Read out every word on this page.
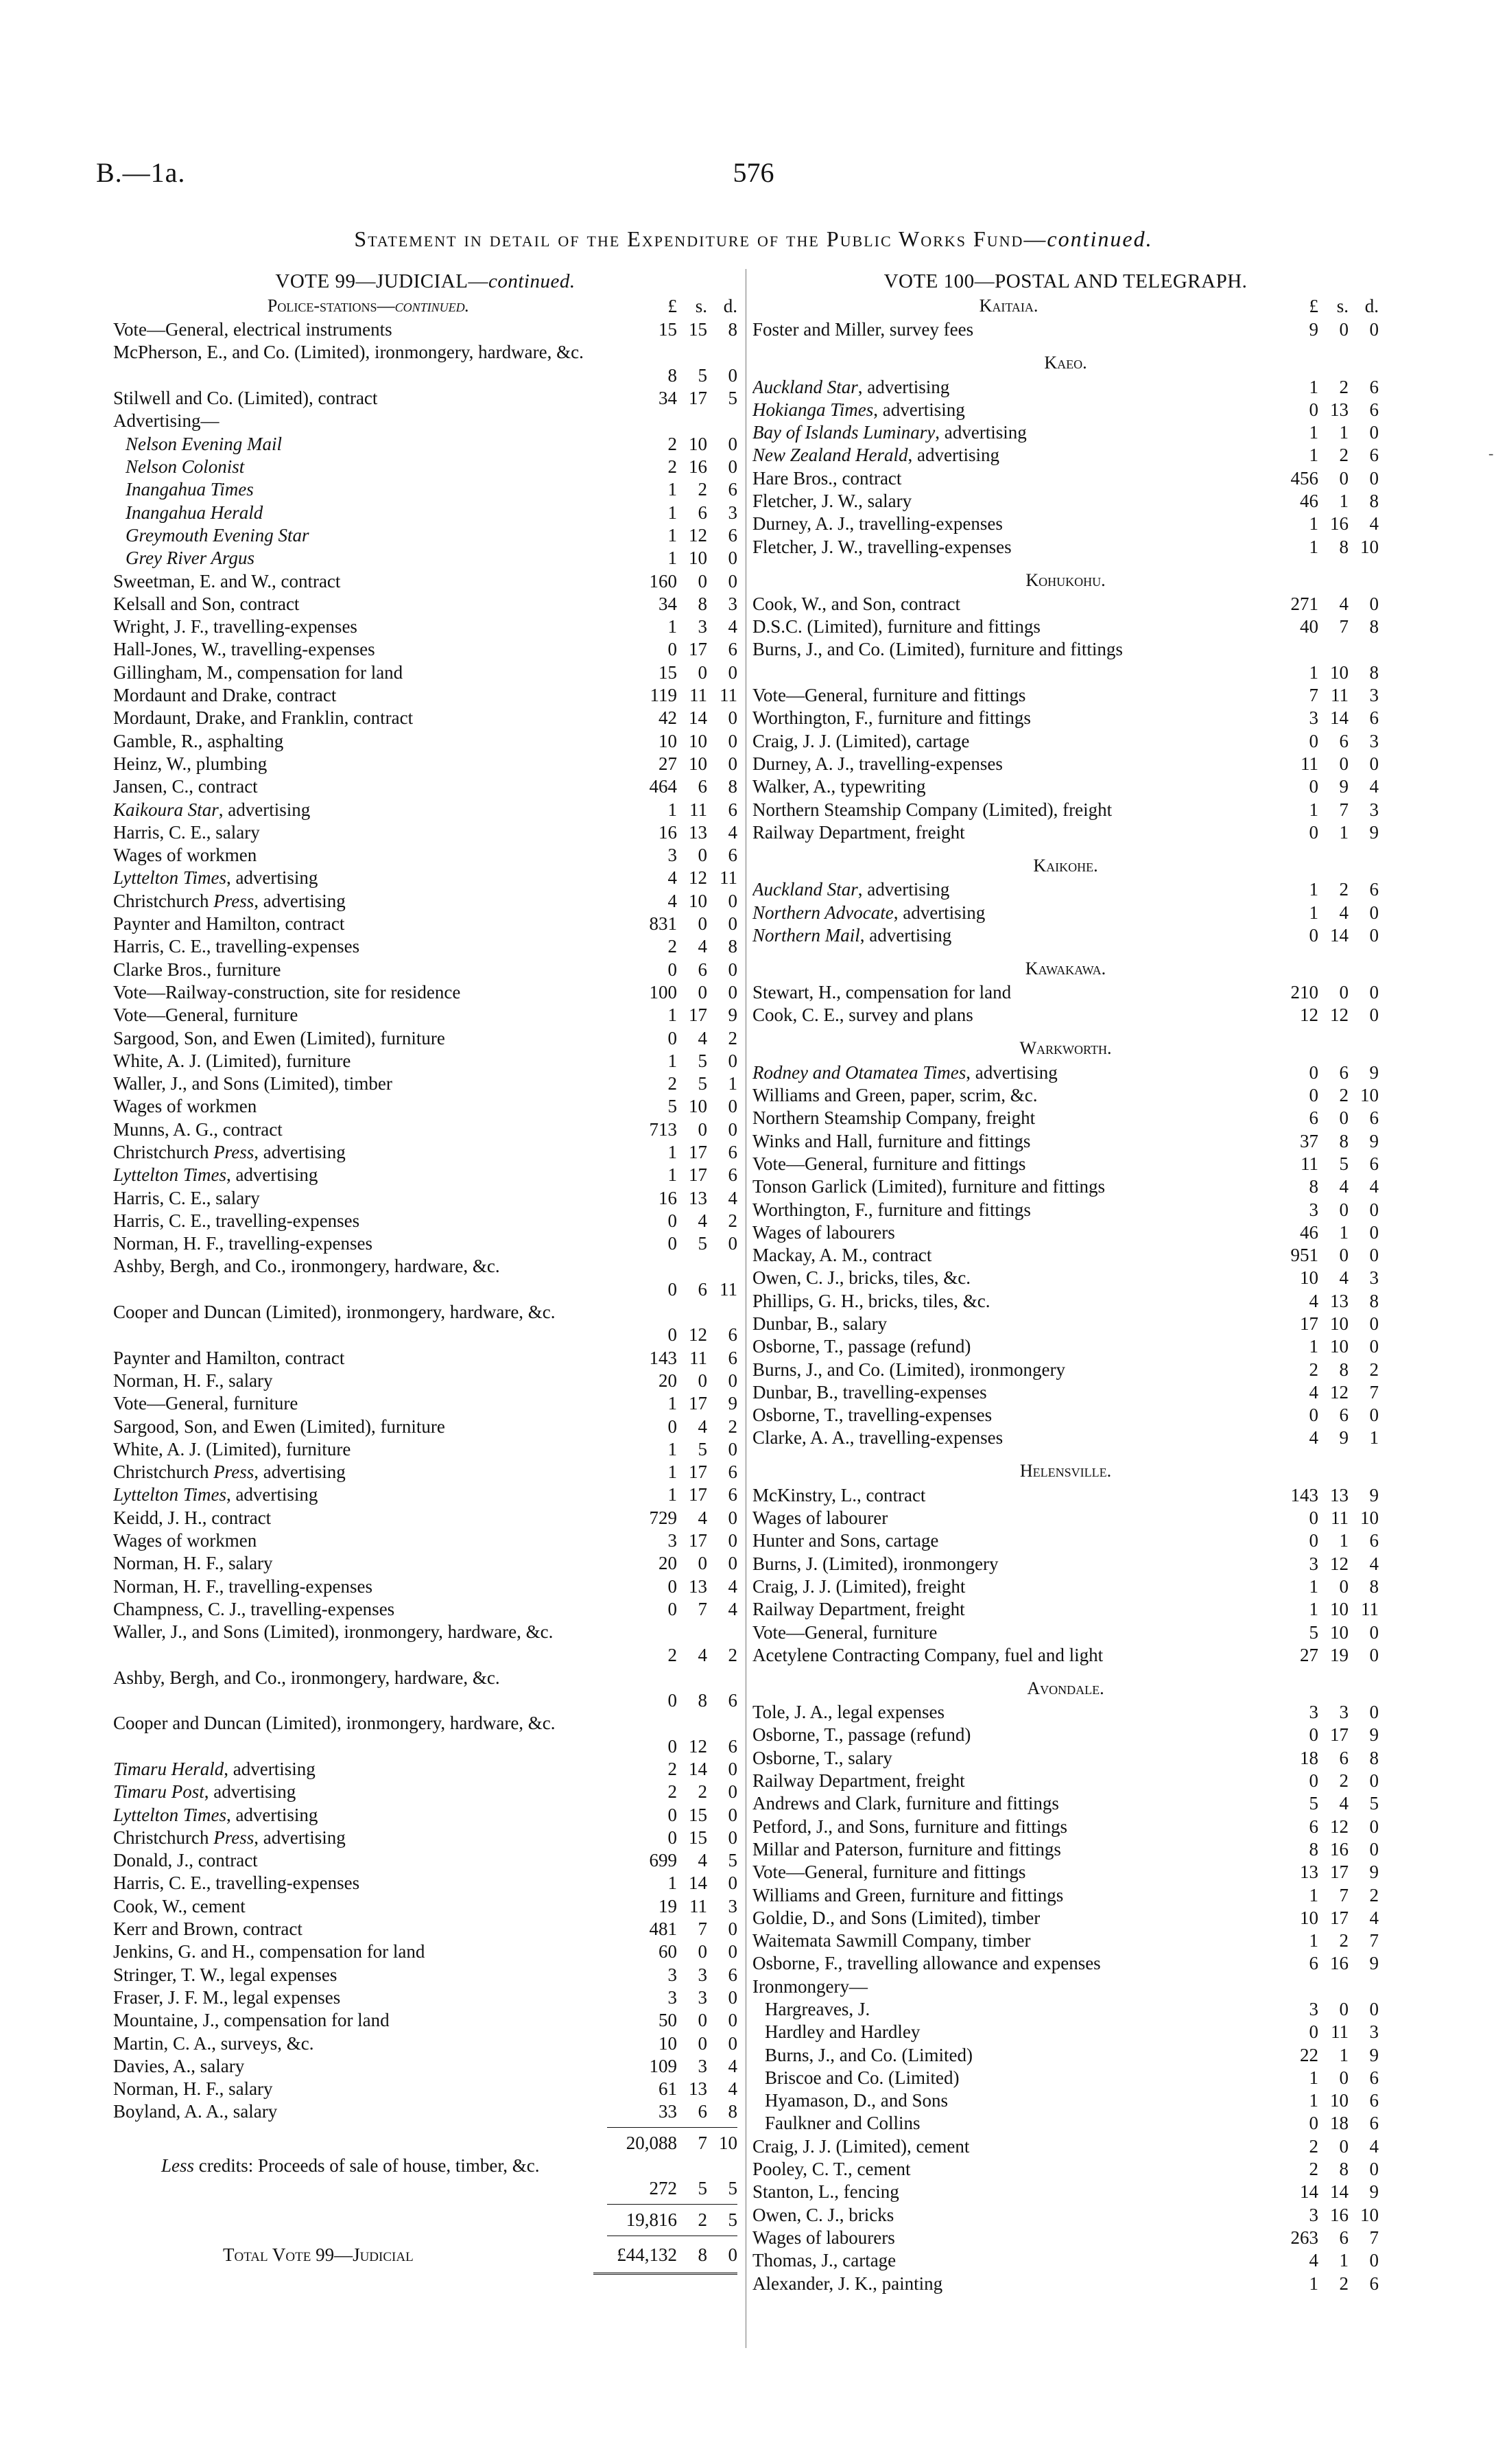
B.—1a.	576
Statement in detail of the Expenditure of the Public Works Fund—continued.
-
VOTE 99—JUDICIAL—continued.
Police-stations—continued.	£ s. d.
Vote—General, electrical instruments	15 15	8
McPherson, E., and Co. (Limited), ironmongery, hardware, &c.
8	5	0
Stilwell and Co. (Limited), contract	34 17	5
Advertising—
Nelson Evening Mail	2 10	0
Nelson Colonist	2 16	0
Inangahua Times	1	2	6
Inangahua Herald	1	6	3
Greymouth Evening Star	1 12	6
Grey River Argus	1 10	0
Sweetman, E. and W., contract	160	0	0
Kelsall and Son, contract	34	8	3
Wright, J. F., travelling-expenses	1	3	4
Hall-Jones, W., travelling-expenses	0 17	6
Gillingham, M., compensation for land	15	0	0
Mordaunt and Drake, contract	119 11 11
Mordaunt, Drake, and Franklin, contract	42 14	0
Gamble, R., asphalting	10 10	0
Heinz, W., plumbing	27 10	0
Jansen, C., contract	464	6	8
Kaikoura Star, advertising	1 11	6
Harris, C. E., salary	16 13	4
Wages of workmen	3	0	6
Lyttelton Times, advertising	4 12 11
Christchurch Press, advertising	4 10	0
Paynter and Hamilton, contract	831	0	0
Harris, C. E., travelling-expenses	2	4	8
Clarke Bros., furniture	0	6	0
Vote—Railway-construction, site for residence	100	0	0
Vote—General, furniture	1 17	9
Sargood, Son, and Ewen (Limited), furniture	0	4	2
White, A. J. (Limited), furniture	1	5	0
Waller, J., and Sons (Limited), timber	2	5	1
Wages of workmen	5 10	0
Munns, A. G., contract	713	0	0
Christchurch Press, advertising	1 17	6
Lyttelton Times, advertising	1 17	6
Harris, C. E., salary	16 13	4
Harris, C. E., travelling-expenses	0	4	2
Norman, H. F., travelling-expenses	0	5	0
Ashby, Bergh, and Co., ironmongery, hardware, &c.
0	6 11
Cooper and Duncan (Limited), ironmongery, hardware, &c.
0 12	6
Paynter and Hamilton, contract	143 11	6
Norman, H. F., salary	20	0	0
Vote—General, furniture	1 17	9
Sargood, Son, and Ewen (Limited), furniture	0	4	2
White, A. J. (Limited), furniture	1	5	0
Christchurch Press, advertising	1 17	6
Lyttelton Times, advertising	1 17	6
Keidd, J. H., contract	729	4	0
Wages of workmen	3 17	0
Norman, H. F., salary	20	0	0
Norman, H. F., travelling-expenses	0 13	4
Champness, C. J., travelling-expenses	0	7	4
Waller, J., and Sons (Limited), ironmongery, hardware, &c.
2	4	2
Ashby, Bergh, and Co., ironmongery, hardware, &c.
0	8	6
Cooper and Duncan (Limited), ironmongery, hardware, &c.
0 12	6
Timaru Herald, advertising	2 14	0
Timaru Post, advertising	2	2	0
Lyttelton Times, advertising	0 15	0
Christchurch Press, advertising	0 15	0
Donald, J., contract	699	4	5
Harris, C. E., travelling-expenses	1 14	0
Cook, W., cement	19 11	3
Kerr and Brown, contract	481	7	0
Jenkins, G. and H., compensation for land	60	0	0
Stringer, T. W., legal expenses	3	3	6
Fraser, J. F. M., legal expenses	3	3	0
Mountaine, J., compensation for land	50	0	0
Martin, C. A., surveys, &c.	10	0	0
Davies, A., salary	109	3	4
Norman, H. F., salary	61 13	4
Boyland, A. A., salary	33	6	8
20,088	7 10
Less credits: Proceeds of sale of house, timber, &c.
272	5	5
19,816	2	5
Total Vote 99—Judicial	£44,132	8	0
VOTE 100—POSTAL AND TELEGRAPH.
Kaitaia.	£ s. d.
Foster and Miller, survey fees	9	0	0
Kaeo.
Auckland Star, advertising	1	2	6
Hokianga Times, advertising	0 13	6
Bay of Islands Luminary, advertising	1	1	0
New Zealand Herald, advertising	1	2	6
Hare Bros., contract	456	0	0
Fletcher, J. W., salary	46	1	8
Durney, A. J., travelling-expenses	1 16	4
Fletcher, J. W., travelling-expenses	1	8 10
Kohukohu.
Cook, W., and Son, contract	271	4	0
D.S.C. (Limited), furniture and fittings	40	7	8
Burns, J., and Co. (Limited), furniture and fittings
1 10	8
Vote—General, furniture and fittings	7 11	3
Worthington, F., furniture and fittings	3 14	6
Craig, J. J. (Limited), cartage	0	6	3
Durney, A. J., travelling-expenses	11	0	0
Walker, A., typewriting	0	9	4
Northern Steamship Company (Limited), freight	1	7	3
Railway Department, freight	0	1	9
Kaikohe.
Auckland Star, advertising	1	2	6
Northern Advocate, advertising	1	4	0
Northern Mail, advertising	0 14	0
Kawakawa.
Stewart, H., compensation for land	210	0	0
Cook, C. E., survey and plans	12 12	0
Warkworth.
Rodney and Otamatea Times, advertising	0	6	9
Williams and Green, paper, scrim, &c.	0	2 10
Northern Steamship Company, freight	6	0	6
Winks and Hall, furniture and fittings	37	8	9
Vote—General, furniture and fittings	11	5	6
Tonson Garlick (Limited), furniture and fittings	8	4	4
Worthington, F., furniture and fittings	3	0	0
Wages of labourers	46	1	0
Mackay, A. M., contract	951	0	0
Owen, C. J., bricks, tiles, &c.	10	4	3
Phillips, G. H., bricks, tiles, &c.	4 13	8
Dunbar, B., salary	17 10	0
Osborne, T., passage (refund)	1 10	0
Burns, J., and Co. (Limited), ironmongery	2	8	2
Dunbar, B., travelling-expenses	4 12	7
Osborne, T., travelling-expenses	0	6	0
Clarke, A. A., travelling-expenses	4	9	1
Helensville.
McKinstry, L., contract	143 13	9
Wages of labourer	0 11 10
Hunter and Sons, cartage	0	1	6
Burns, J. (Limited), ironmongery	3 12	4
Craig, J. J. (Limited), freight	1	0	8
Railway Department, freight	1 10 11
Vote—General, furniture	5 10	0
Acetylene Contracting Company, fuel and light	27 19	0
Avondale.
Tole, J. A., legal expenses	3	3	0
Osborne, T., passage (refund)	0 17	9
Osborne, T., salary	18	6	8
Railway Department, freight	0	2	0
Andrews and Clark, furniture and fittings	5	4	5
Petford, J., and Sons, furniture and fittings	6 12	0
Millar and Paterson, furniture and fittings	8 16	0
Vote—General, furniture and fittings	13 17	9
Williams and Green, furniture and fittings	1	7	2
Goldie, D., and Sons (Limited), timber	10 17	4
Waitemata Sawmill Company, timber	1	2	7
Osborne, F., travelling allowance and expenses	6 16	9
Ironmongery—
Hargreaves, J.	3	0	0
Hardley and Hardley	0 11	3
Burns, J., and Co. (Limited)	22	1	9
Briscoe and Co. (Limited)	1	0	6
Hyamason, D., and Sons	1 10	6
Faulkner and Collins	0 18	6
Craig, J. J. (Limited), cement	2	0	4
Pooley, C. T., cement	2	8	0
Stanton, L., fencing	14 14	9
Owen, C. J., bricks	3 16 10
Wages of labourers	263	6	7
Thomas, J., cartage	4	1	0
Alexander, J. K., painting	1	2	6
